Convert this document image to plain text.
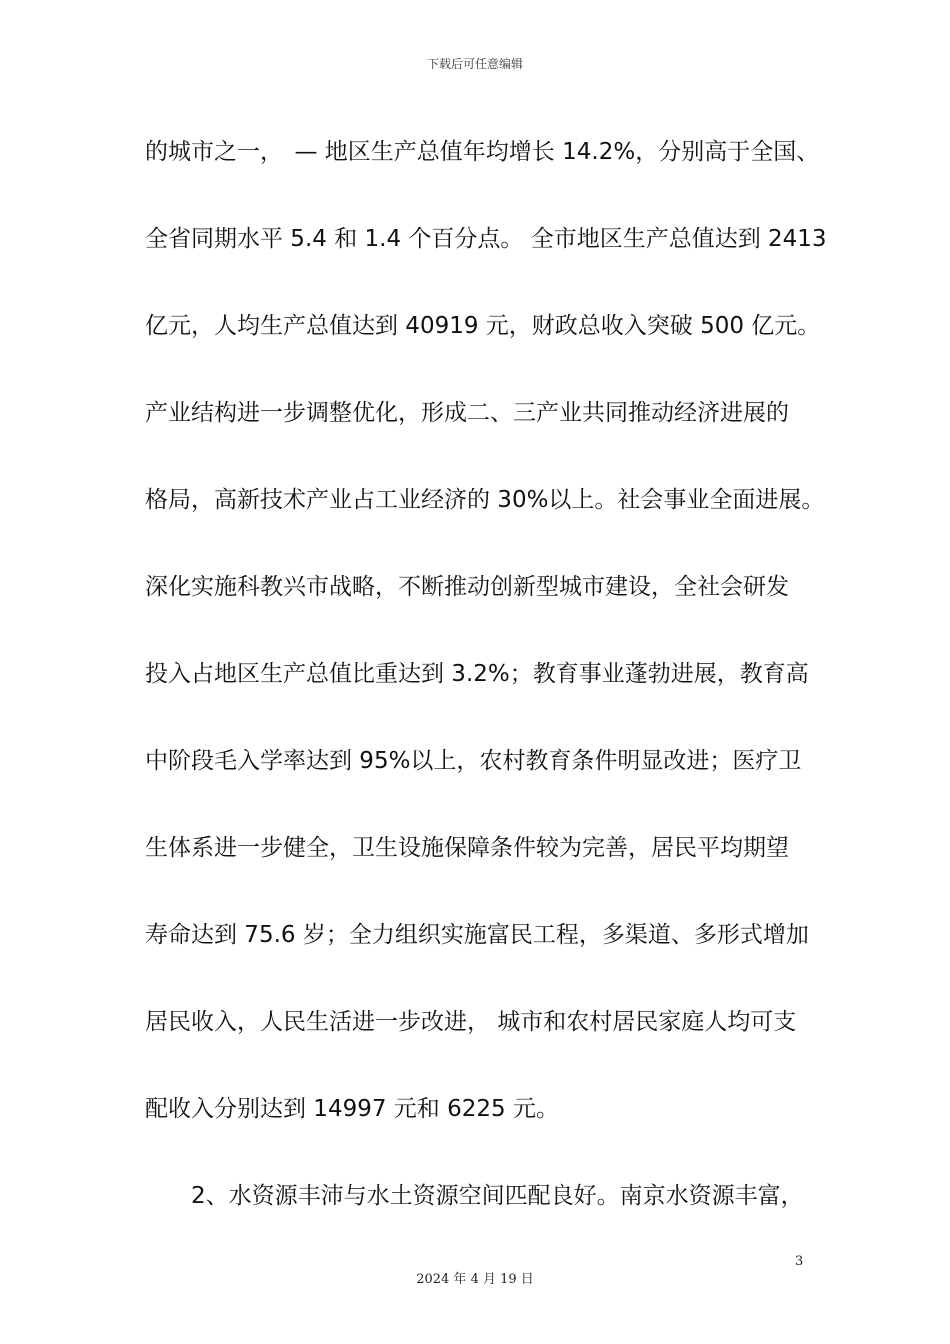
下载后可任意编辑
的城市之一，　— 地区生产总值年均增长 14.2%，分别高于全国、
全省同期水平 5.4 和 1.4 个百分点。 全市地区生产总值达到 2413
亿元，人均生产总值达到 40919 元，财政总收入突破 500 亿元。
产业结构进一步调整优化，形成二、三产业共同推动经济进展的
格局，高新技术产业占工业经济的 30%以上。社会事业全面进展。
深化实施科教兴市战略，不断推动创新型城市建设，全社会研发
投入占地区生产总值比重达到 3.2%；教育事业蓬勃进展，教育高
中阶段毛入学率达到 95%以上，农村教育条件明显改进；医疗卫
生体系进一步健全，卫生设施保障条件较为完善，居民平均期望
寿命达到 75.6 岁；全力组织实施富民工程，多渠道、多形式增加
居民收入，人民生活进一步改进， 城市和农村居民家庭人均可支
配收入分别达到 14997 元和 6225 元。
2、水资源丰沛与水土资源空间匹配良好。南京水资源丰富，
3
2024 年 4 月 19 日
